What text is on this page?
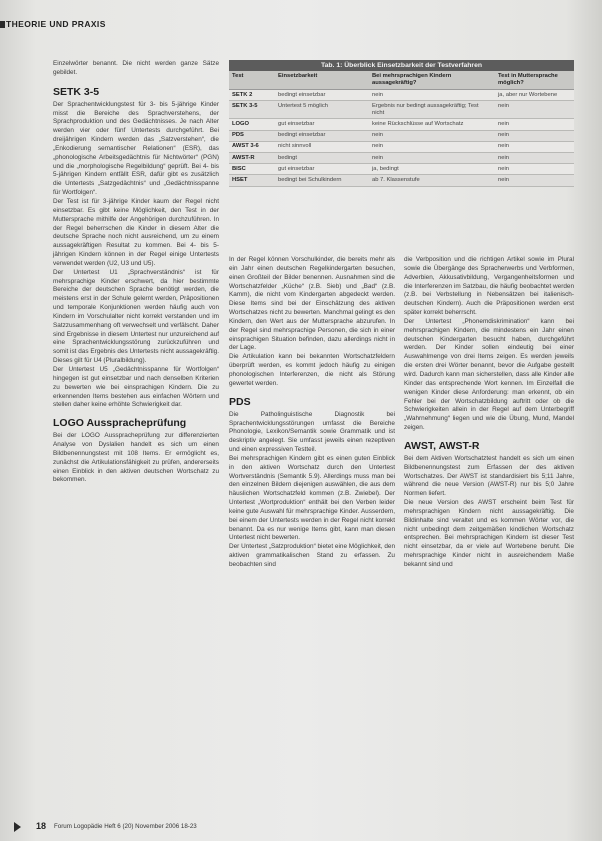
THEORIE UND PRAXIS

Einzelwörter benannt. Die nicht werden ganze Sätze gebildet.

SETK 3-5

Der Sprachentwicklungstest für 3- bis 5-jährige Kinder misst die Bereiche des Sprachverstehens, der Sprachproduktion und des Gedächtnisses. Je nach Alter werden vier oder fünf Untertests durchgeführt. Bei dreijährigen Kindern werden das „Satzverstehen“, die „Enkodierung semantischer Relationen“ (ESR), das „phonologische Arbeitsgedächtnis für Nichtwörter“ (PGN) und die „morphologische Regelbildung“ geprüft. Bei 4- bis 5-jährigen Kindern entfällt ESR, dafür gibt es zusätzlich die Untertests „Satzgedächtnis“ und „Gedächtnisspanne für Wortfolgen“.

Der Test ist für 3-jährige Kinder kaum der Regel nicht einsetzbar. Es gibt keine Möglichkeit, den Test in der Muttersprache mithilfe der Angehörigen durchzuführen. In der Regel beherrschen die Kinder in diesem Alter die deutsche Sprache noch nicht ausreichend, um zu einem aussagekräftigen Resultat zu kommen. Bei 4- bis 5-jährigen Kindern können in der Regel einige Untertests verwendet werden (U2, U3 und U5).

Der Untertest U1 „Sprachverständnis“ ist für mehrsprachige Kinder erschwert, da hier bestimmte Bereiche der deutschen Sprache benötigt werden, die meistens erst in der Schule gelernt werden, Präpositionen und temporale Konjunktionen werden häufig auch von Kindern im Vorschulalter nicht korrekt verstanden und im Satzzusammenhang oft verwechselt und verfälscht. Daher sind Ergebnisse in diesem Untertest nur unzureichend auf eine Sprachentwicklungsstörung zurückzuführen und somit ist das Ergebnis des Untertests nicht aussagekräftig. Dieses gilt für U4 (Pluralbildung).

Der Untertest U5 „Gedächtnisspanne für Wortfolgen“ hingegen ist gut einsetzbar und nach denselben Kriterien zu bewerten wie bei einsprachigen Kindern. Die zu erkennenden Items bestehen aus einfachen Wörtern und stellen daher keine erhöhte Schwierigkeit dar.

LOGO Ausspracheprüfung

Bei der LOGO Ausspracheprüfung zur differenzierten Analyse von Dyslalien handelt es sich um einen Bildbenennungstest mit 108 Items. Er ermöglicht es, zunächst die Artikulationsfähigkeit zu prüfen, andererseits einen Einblick in den aktiven deutschen Wortschatz zu bekommen.

Tab. 1: Überblick Einsetzbarkeit der Testverfahren
Test	Einsetzbarkeit	Bei mehrsprachigen Kindern aussagekräftig?	Test in Muttersprache möglich?
SETK 2	bedingt einsetzbar	nein	ja, aber nur Wortebene
SETK 3-5	Untertest 5 möglich	Ergebnis nur bedingt aussagekräftig; Test nicht	nein
LOGO	gut einsetzbar	keine Rückschlüsse auf Wortschatz	nein
PDS	bedingt einsetzbar	nein	nein
AWST 3-6	nicht sinnvoll	nein	nein
AWST-R	bedingt	nein	nein
BISC	gut einsetzbar	ja, bedingt	nein
HSET	bedingt bei Schulkindern	ab 7. Klassenstufe	nein

In der Regel können Vorschulkinder, die bereits mehr als ein Jahr einen deutschen Regelkindergarten besuchen, einen Großteil der Bilder benennen. Ausnahmen sind die Wortschatzfelder „Küche“ (z.B. Sieb) und „Bad“ (z.B. Kamm), die nicht vom Kindergarten abgedeckt werden. Diese Items sind bei der Einschätzung des aktiven Wortschatzes nicht zu bewerten. Manchmal gelingt es den Kindern, den Wert aus der Muttersprache abzurufen. In der Regel sind mehrsprachige Personen, die sich in einer einsprachigen Situation befinden, dazu allerdings nicht in der Lage.

Die Artikulation kann bei bekannten Wortschatzfeldern überprüft werden, es kommt jedoch häufig zu einigen phonologischen Interferenzen, die nicht als Störung gewertet werden.

PDS

Die Patholinguistische Diagnostik bei Sprachentwicklungsstörungen umfasst die Bereiche Phonologie, Lexikon/Semantik sowie Grammatik und ist deskriptiv angelegt. Sie umfasst jeweils einen rezeptiven und einen expressiven Testteil.

Bei mehrsprachigen Kindern gibt es einen guten Einblick in den aktiven Wortschatz durch den Untertest Wortverständnis (Semantik 5.9). Allerdings muss man bei den einzelnen Bildern diejenigen auswählen, die aus dem häuslichen Wortschatzfeld kommen (z.B. Zwiebel). Der Untertest „Wortproduktion“ enthält bei den Verben leider keine gute Auswahl für mehrsprachige Kinder. Ausserdem, bei einem der Untertests werden in der Regel nicht korrekt benannt. Da es nur wenige Items gibt, kann man diesen Untertest nicht bewerten.

Der Untertest „Satzproduktion“ bietet eine Möglichkeit, den aktiven grammatikalischen Stand zu erfassen. Zu beobachten sind

die Verbposition und die richtigen Artikel sowie im Plural sowie die Übergänge des Spracherwerbs und Verbformen, Adverbien, Akkusativbildung, Vergangenheitsformen und die Interferenzen im Satzbau, die häufig beobachtet werden (z.B. bei Verbstellung in Nebensätzen bei italienisch-deutschen Kindern). Auch die Präpositionen werden erst später korrekt beherrscht.

Der Untertest „Phonemdiskrimination“ kann bei mehrsprachigen Kindern, die mindestens ein Jahr einen deutschen Kindergarten besucht haben, durchgeführt werden. Der Kinder sollen eindeutig bei einer Auswahlmenge von drei Items zeigen. Es werden jeweils die ersten drei Wörter benannt, bevor die Aufgabe gestellt wird. Dadurch kann man sicherstellen, dass alle Kinder alle Kinder das entsprechende Wort kennen. Im Einzelfall die wenigen Kinder diese Anforderung: man erkennt, ob ein Fehler bei der Wortschatzbildung auftritt oder ob die Schwierigkeiten allein in der Regel auf dem Unterbegriff „Wahrnehmung“ liegen und wie die Übung, Mund, Mandel zeigen.

AWST, AWST-R

Bei dem Aktiven Wortschatztest handelt es sich um einen Bildbenennungstest zum Erfassen der des aktiven Wortschatzes. Der AWST ist standardisiert bis 5;11 Jahre, während die neue Version (AWST-R) nur bis 5;0 Jahre Normen liefert.

Die neue Version des AWST erscheint beim Test für mehrsprachigen Kindern nicht aussagekräftig. Die Bildinhalte sind veraltet und es kommen Wörter vor, die nicht unbedingt dem zeitgemäßen kindlichen Wortschatz entsprechen. Bei mehrsprachigen Kindern ist dieser Test nicht einsetzbar, da er viele auf Wortebene beruht. Die mehrsprachige Kinder nicht in ausreichendem Maße bekannt sind und

18 Forum Logopädie Heft 6 (20) November 2006 18-23
